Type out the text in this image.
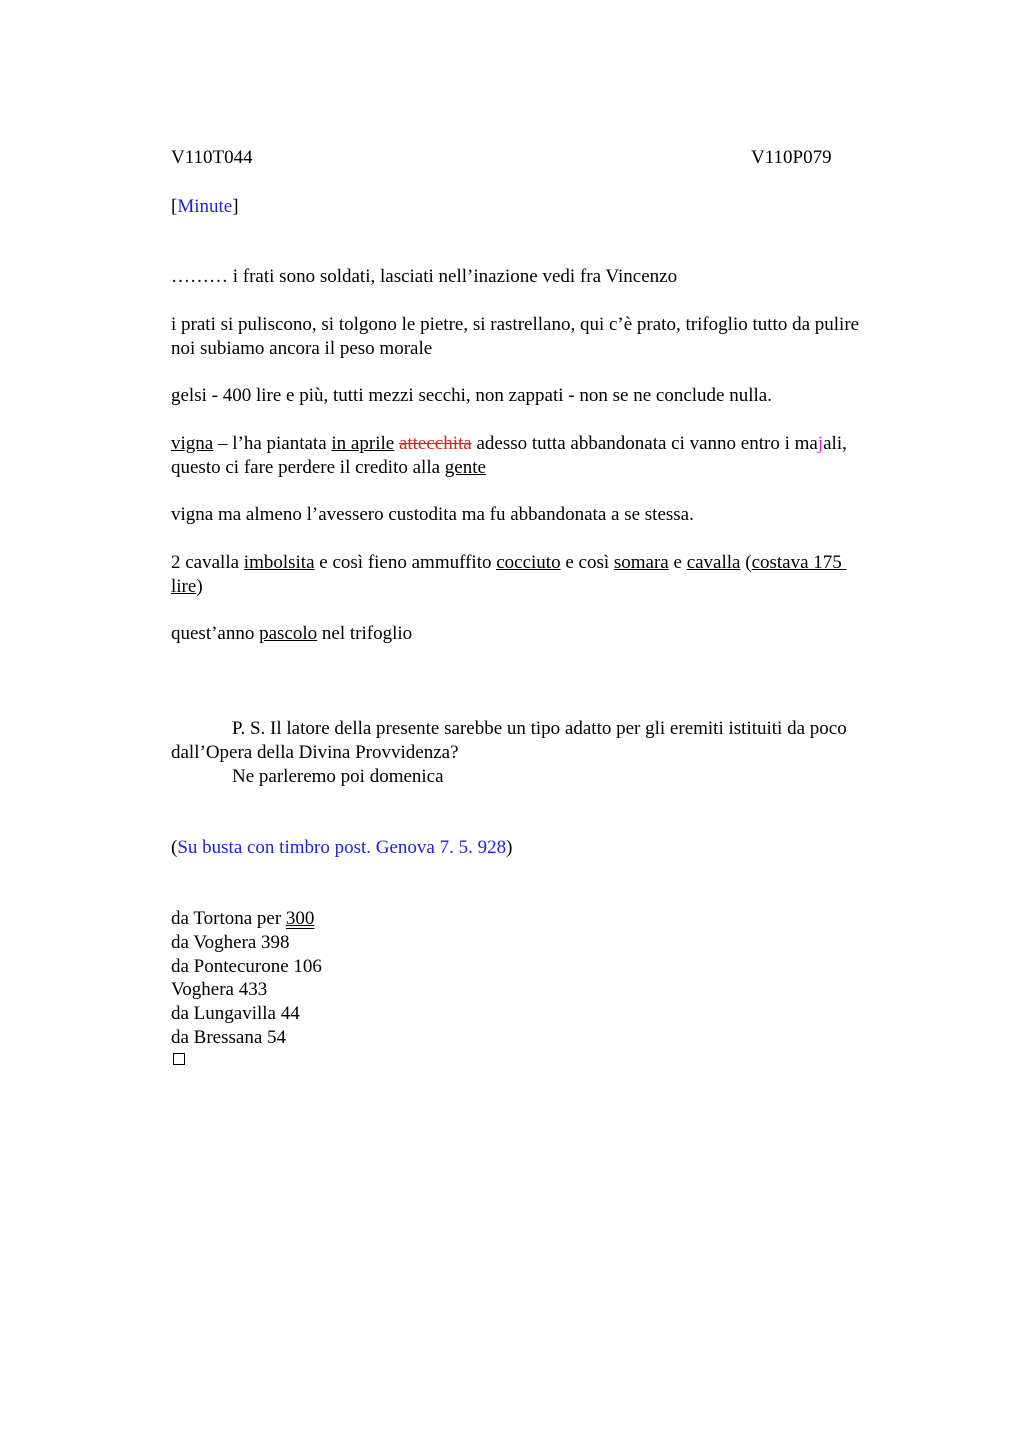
V110T044	V110P079
[Minute]
……… i frati sono soldati, lasciati nell’inazione vedi fra Vincenzo
i prati si puliscono, si tolgono le pietre, si rastrellano, qui c’è prato, trifoglio tutto da pulire
noi subiamo ancora il peso morale
gelsi - 400 lire e più, tutti mezzi secchi, non zappati - non se ne conclude nulla.
vigna – l’ha piantata in aprile attecchita adesso tutta abbandonata ci vanno entro i majali,
questo ci fare perdere il credito alla gente
vigna ma almeno l’avessero custodita ma fu abbandonata a se stessa.
2 cavalla imbolsita e così fieno ammuffito cocciuto e così somara e cavalla (costava 175
lire)
quest’anno pascolo nel trifoglio
P. S. Il latore della presente sarebbe un tipo adatto per gli eremiti istituiti da poco
dall’Opera della Divina Provvidenza?
Ne parleremo poi domenica
(Su busta con timbro post. Genova 7. 5. 928)
da Tortona per 300
da Voghera 398
da Pontecurone 106
Voghera 433
da Lungavilla 44
da Bressana 54
